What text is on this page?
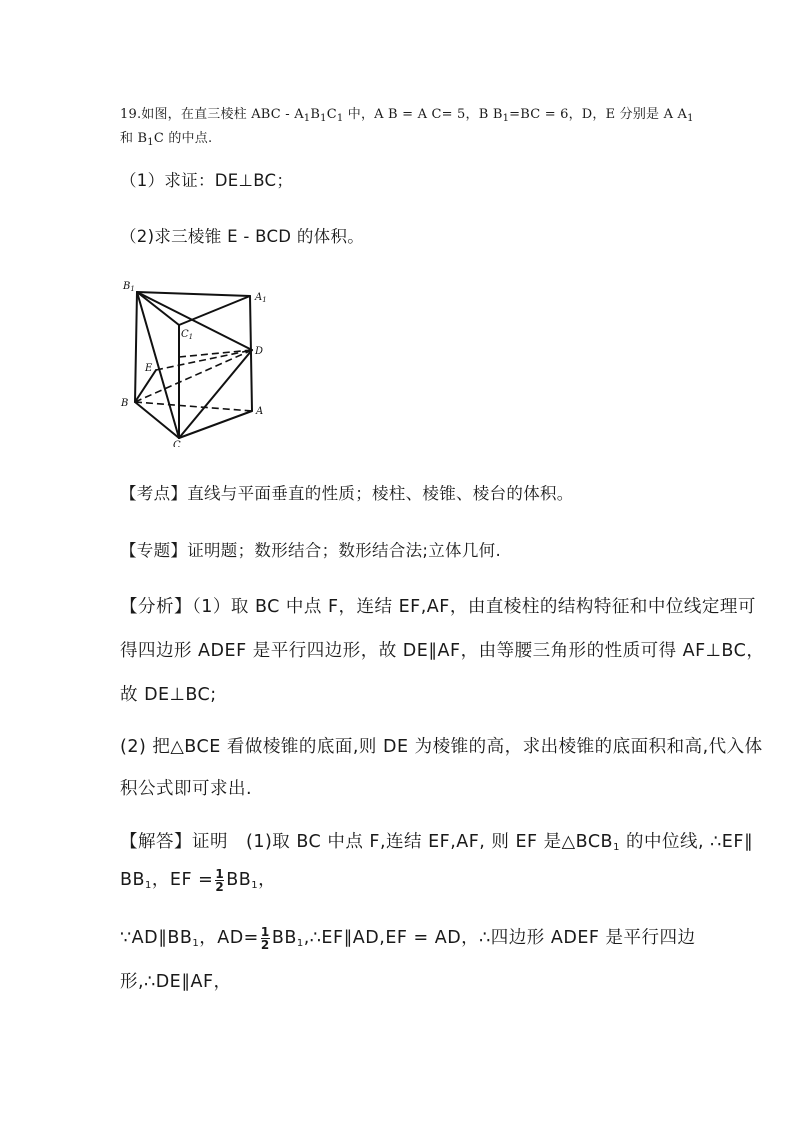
19.如图，在直三棱柱 ABC - $A_1B_1C_1$ 中，A B = A C= 5，B $B_1=BC = 6$，D，E 分别是 A $A_1$
和 $B_1C$ 的中点.
（1）求证：DE⊥BC；
（2)求三棱锥 E - BCD 的体积。
$B_1$
$A_1$
$C_1$
D
E
B
A
C
【考点】直线与平面垂直的性质；棱柱、棱锥、棱台的体积。
【专题】证明题；数形结合；数形结合法;立体几何.
【分析】（1）取 BC 中点 F，连结 EF,AF，由直棱柱的结构特征和中位线定理可
得四边形 ADEF 是平行四边形，故 DE∥AF，由等腰三角形的性质可得 AF⊥BC，
故 DE⊥BC;
(2) 把△BCE 看做棱锥的底面,则 DE 为棱锥的高，求出棱锥的底面积和高,代入体
积公式即可求出.
【解答】证明　(1)取 BC 中点 F,连结 EF,AF, 则 EF 是$\triangle BCB_1$ 的中位线, ∴EF∥
$BB_1$，EF = $\frac{1}{2} BB_1$，
$\because AD\parallel BB_1$，$AD= \frac{1}{2}$ $BB_1,\therefore EF\parallel AD,EF$ = AD，∴四边形 ADEF 是平行四边
形,∴DE∥AF，
